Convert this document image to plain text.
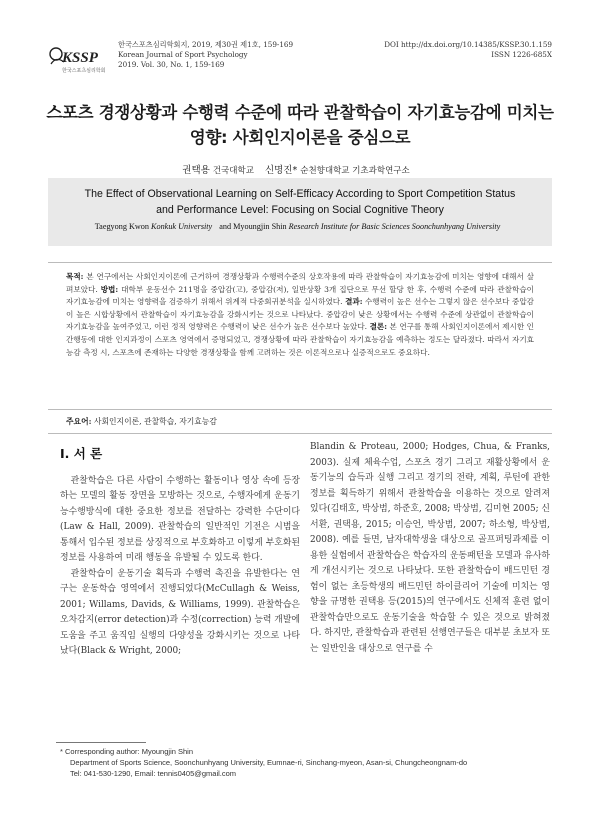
KSSP
한국스포츠심리학회
한국스포츠심리학회지, 2019, 제30권 제1호, 159-169
Korean Journal of Sport Psychology
2019. Vol. 30, No. 1, 159-169
DOI http://dx.doi.org/10.14385/KSSP.30.1.159
ISSN 1226-685X
스포츠 경쟁상황과 수행력 수준에 따라 관찰학습이 자기효능감에 미치는
영향: 사회인지이론을 중심으로
권택용 건국대학교 신명진* 순천향대학교 기초과학연구소
The Effect of Observational Learning on Self-Efficacy According to Sport Competition Status
and Performance Level: Focusing on Social Cognitive Theory
Taegyong Kwon Konkuk University and Myoungjin Shin Research Institute for Basic Sciences Soonchunhyang University
목적: 본 연구에서는 사회인지이론에 근거하여 경쟁상황과 수행력수준의 상호작용에 따라 관찰학습이 자기효능감에 미치는 영향에 대해서 살펴보았다. 방법: 대학부 운동선수 211명을 중압감(고), 중압감(저), 일반상황 3개 집단으로 무선 할당 한 후, 수행력 수준에 따라 관찰학습이 자기효능감에 미치는 영향력을 검증하기 위해서 위계적 다중회귀분석을 실시하였다. 결과: 수행력이 높은 선수는 그렇지 않은 선수보다 중압감이 높은 시합상황에서 관찰학습이 자기효능감을 강화시키는 것으로 나타났다. 중압감이 낮은 상황에서는 수행력 수준에 상관없이 관찰학습이 자기효능감을 높여주었고, 이런 정적 영향력은 수행력이 낮은 선수가 높은 선수보다 높았다. 결론: 본 연구를 통해 사회인지이론에서 제시한 인간행동에 대한 인지과정이 스포츠 영역에서 증명되었고, 경쟁상황에 따라 관찰학습이 자기효능감을 예측하는 정도는 달라졌다. 따라서 자기효능감 측정 시, 스포츠에 존재하는 다양한 경쟁상황을 함께 고려하는 것은 이론적으로나 실증적으로도 중요하다.
주요어: 사회인지이론, 관찰학습, 자기효능감
I. 서 론

관찰학습은 다른 사람이 수행하는 활동이나 영상 속에 등장하는 모델의 활동 장면을 모방하는 것으로, 수행자에게 운동기능수행방식에 대한 중요한 정보를 전달하는 강력한 수단이다(Law & Hall, 2009). 관찰학습의 일반적인 기전은 시범을 통해서 입수된 정보를 상징적으로 부호화하고 이렇게 부호화된 정보를 사용하여 미래 행동을 유발될 수 있도록 한다.

관찰학습이 운동기술 획득과 수행력 촉진을 유발한다는 연구는 운동학습 영역에서 진행되었다(McCullagh & Weiss, 2001; Willams, Davids, & Williams, 1999). 관찰학습은 오차감지(error detection)과 수정(correction) 능력 개발에 도움을 주고 움직임 실행의 다양성을 강화시키는 것으로 나타났다(Black & Wright, 2000;

Blandin & Proteau, 2000; Hodges, Chua, & Franks, 2003). 실제 체육수업, 스포츠 경기 그리고 재활상황에서 운동기능의 습득과 실행 그리고 경기의 전략, 계획, 루틴에 관한 정보를 획득하기 위해서 관찰학습을 이용하는 것으로 알려져 있다(김태호, 박상범, 하준호, 2008; 박상범, 김미현 2005; 신서환, 권택용, 2015; 이승언, 박상범, 2007; 하소형, 박상범, 2008). 예를 들면, 남자대학생을 대상으로 골프퍼팅과제를 이용한 실험에서 관찰학습은 학습자의 운동패턴을 모델과 유사하게 개선시키는 것으로 나타났다. 또한 관찰학습이 배드민턴 경험이 없는 초등학생의 배드민턴 하이클리어 기술에 미치는 영향을 규명한 권택용 등(2015)의 연구에서도 신체적 훈련 없이 관찰학습만으로도 운동기술을 학습할 수 있은 것으로 밝혀졌다. 하지만, 관찰학습과 관련된 선행연구들은 대부분 초보자 또는 일반인을 대상으로 연구를 수

* Corresponding author: Myoungjin Shin
Department of Sports Science, Soonchunhyang University, Eumnae-ri, Sinchang-myeon, Asan-si, Chungcheongnam-do
Tel: 041-530-1290, Email: tennis0405@gmail.com
